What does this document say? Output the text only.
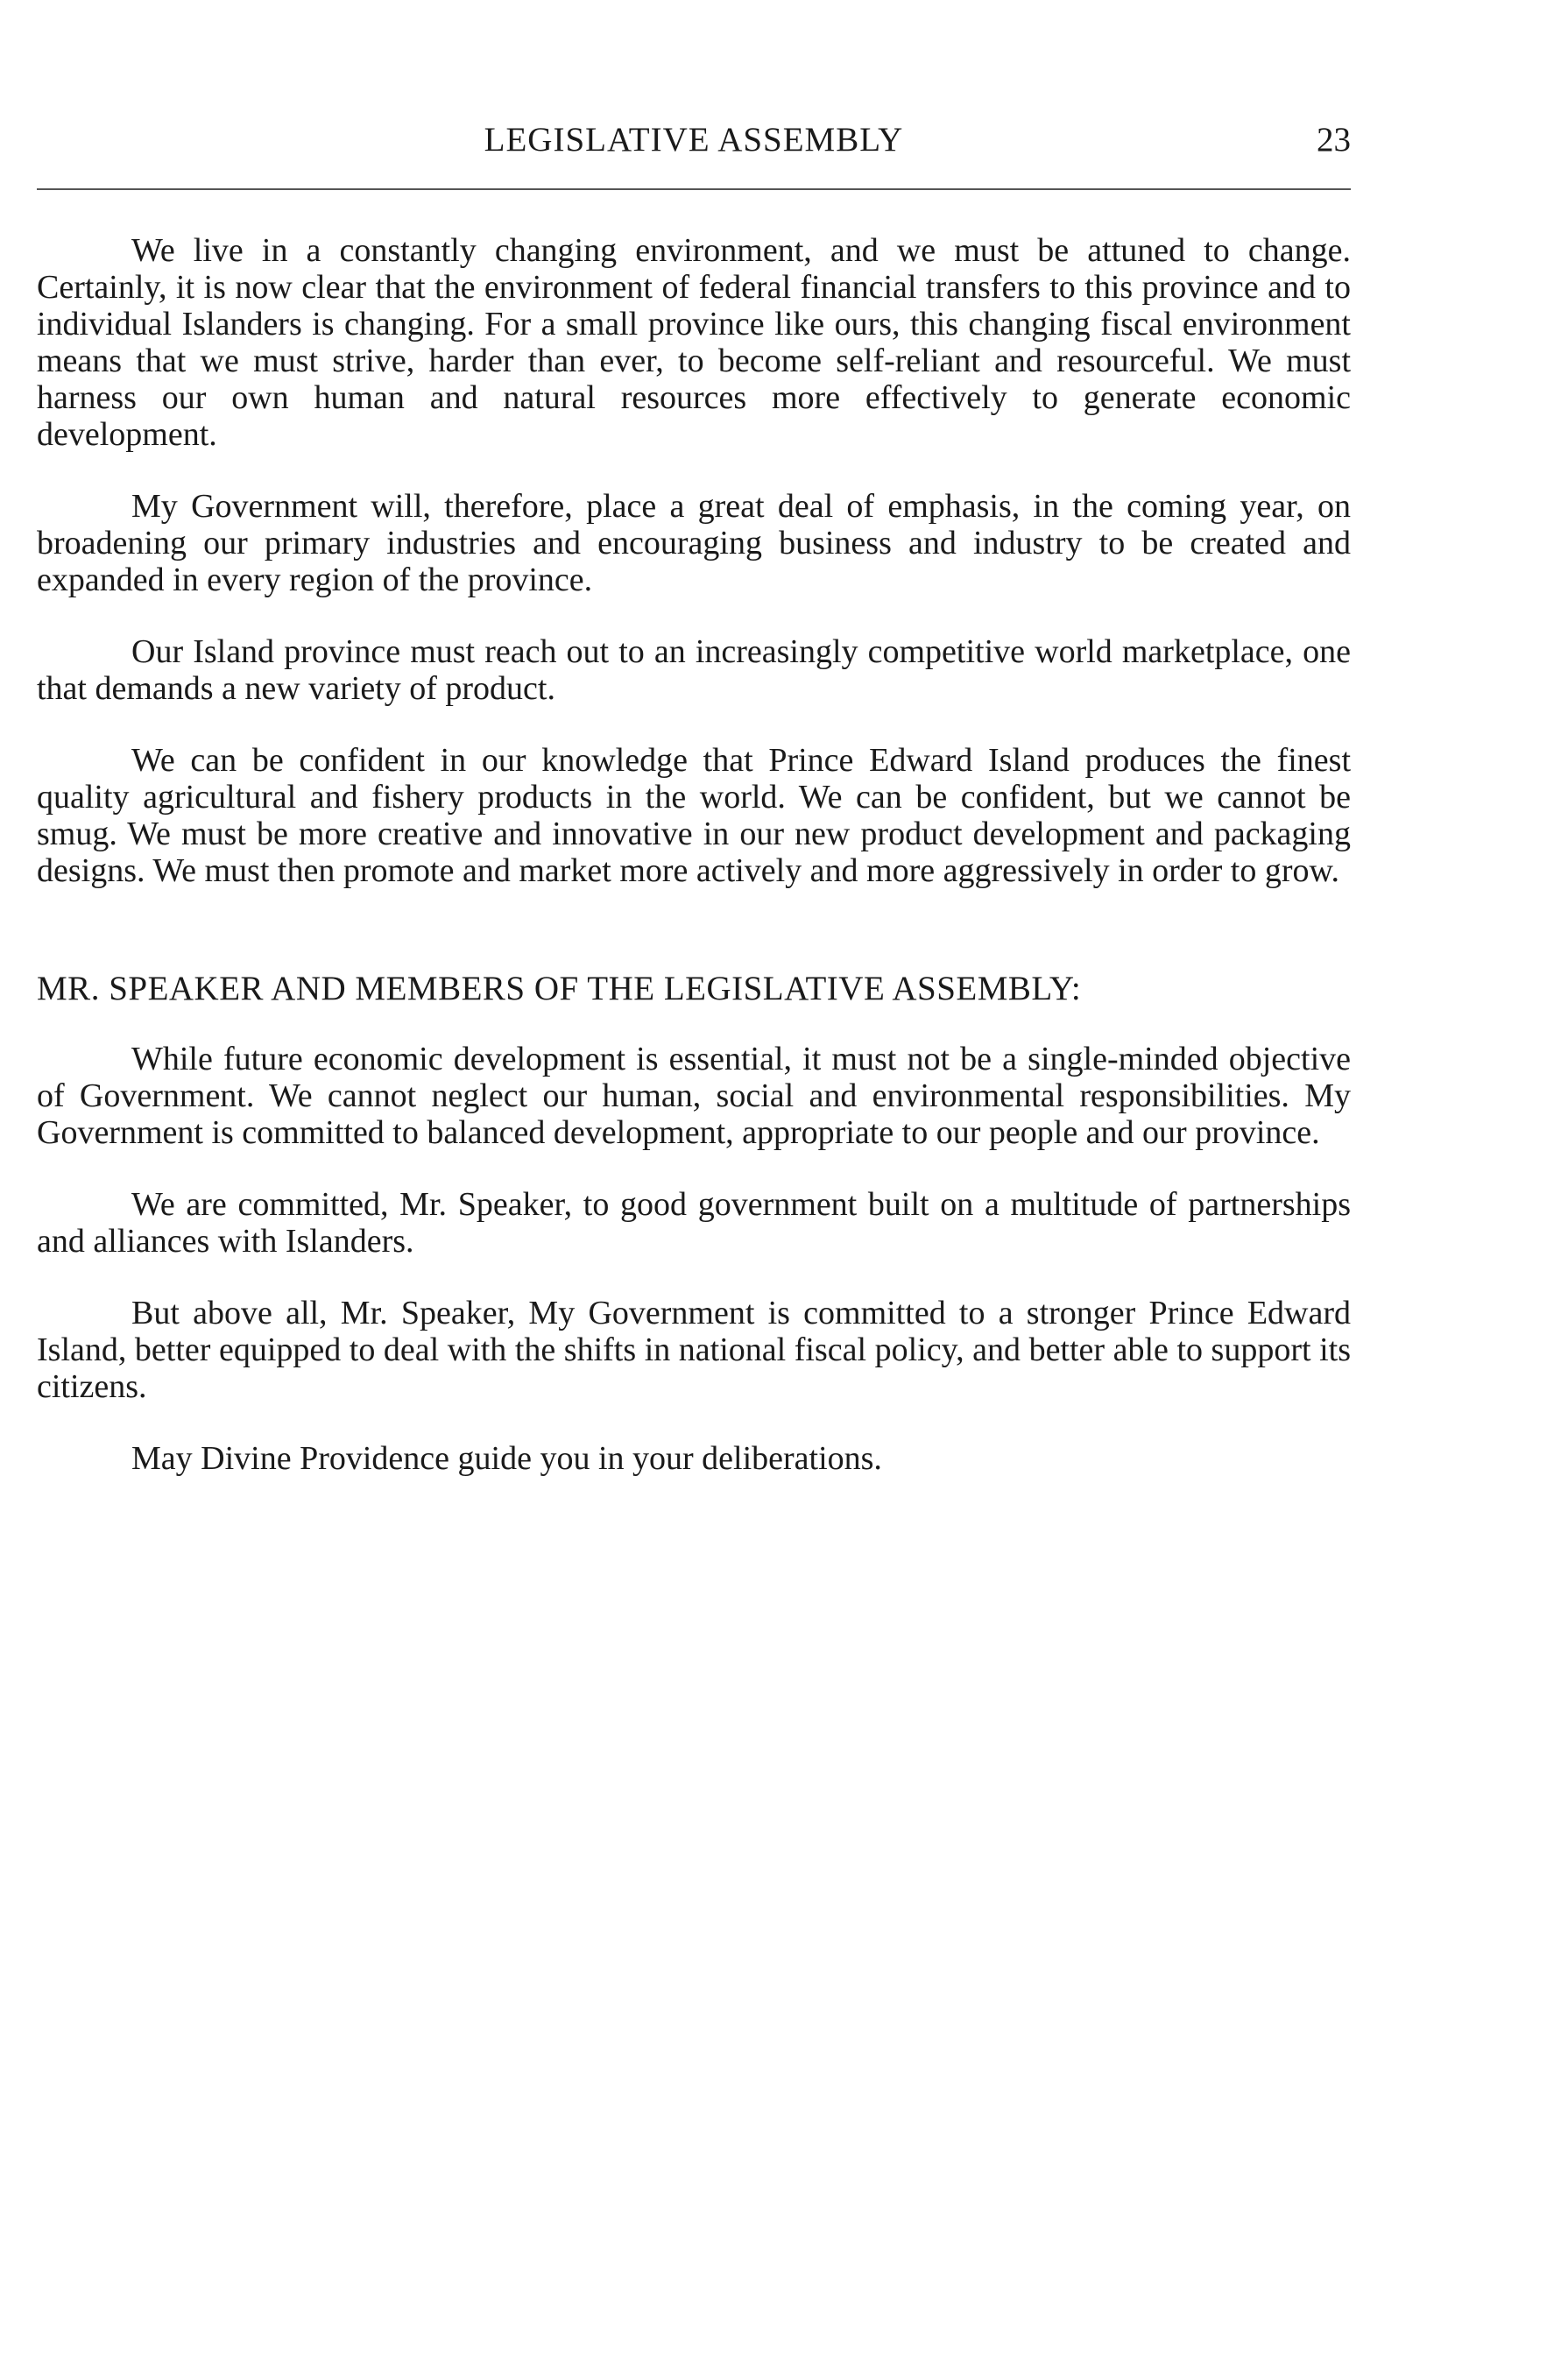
LEGISLATIVE ASSEMBLY	23

We live in a constantly changing environment, and we must be attuned to change. Certainly, it is now clear that the environment of federal financial transfers to this province and to individual Islanders is changing. For a small province like ours, this changing fiscal environment means that we must strive, harder than ever, to become self-reliant and resourceful. We must harness our own human and natural resources more effectively to generate economic development.

My Government will, therefore, place a great deal of emphasis, in the coming year, on broadening our primary industries and encouraging business and industry to be created and expanded in every region of the province.

Our Island province must reach out to an increasingly competitive world marketplace, one that demands a new variety of product.

We can be confident in our knowledge that Prince Edward Island produces the finest quality agricultural and fishery products in the world. We can be confident, but we cannot be smug. We must be more creative and innovative in our new product development and packaging designs. We must then promote and market more actively and more aggressively in order to grow.

MR. SPEAKER AND MEMBERS OF THE LEGISLATIVE ASSEMBLY:

While future economic development is essential, it must not be a single-minded objective of Government. We cannot neglect our human, social and environmental responsibilities. My Government is committed to balanced development, appropriate to our people and our province.

We are committed, Mr. Speaker, to good government built on a multitude of partnerships and alliances with Islanders.

But above all, Mr. Speaker, My Government is committed to a stronger Prince Edward Island, better equipped to deal with the shifts in national fiscal policy, and better able to support its citizens.

May Divine Providence guide you in your deliberations.
